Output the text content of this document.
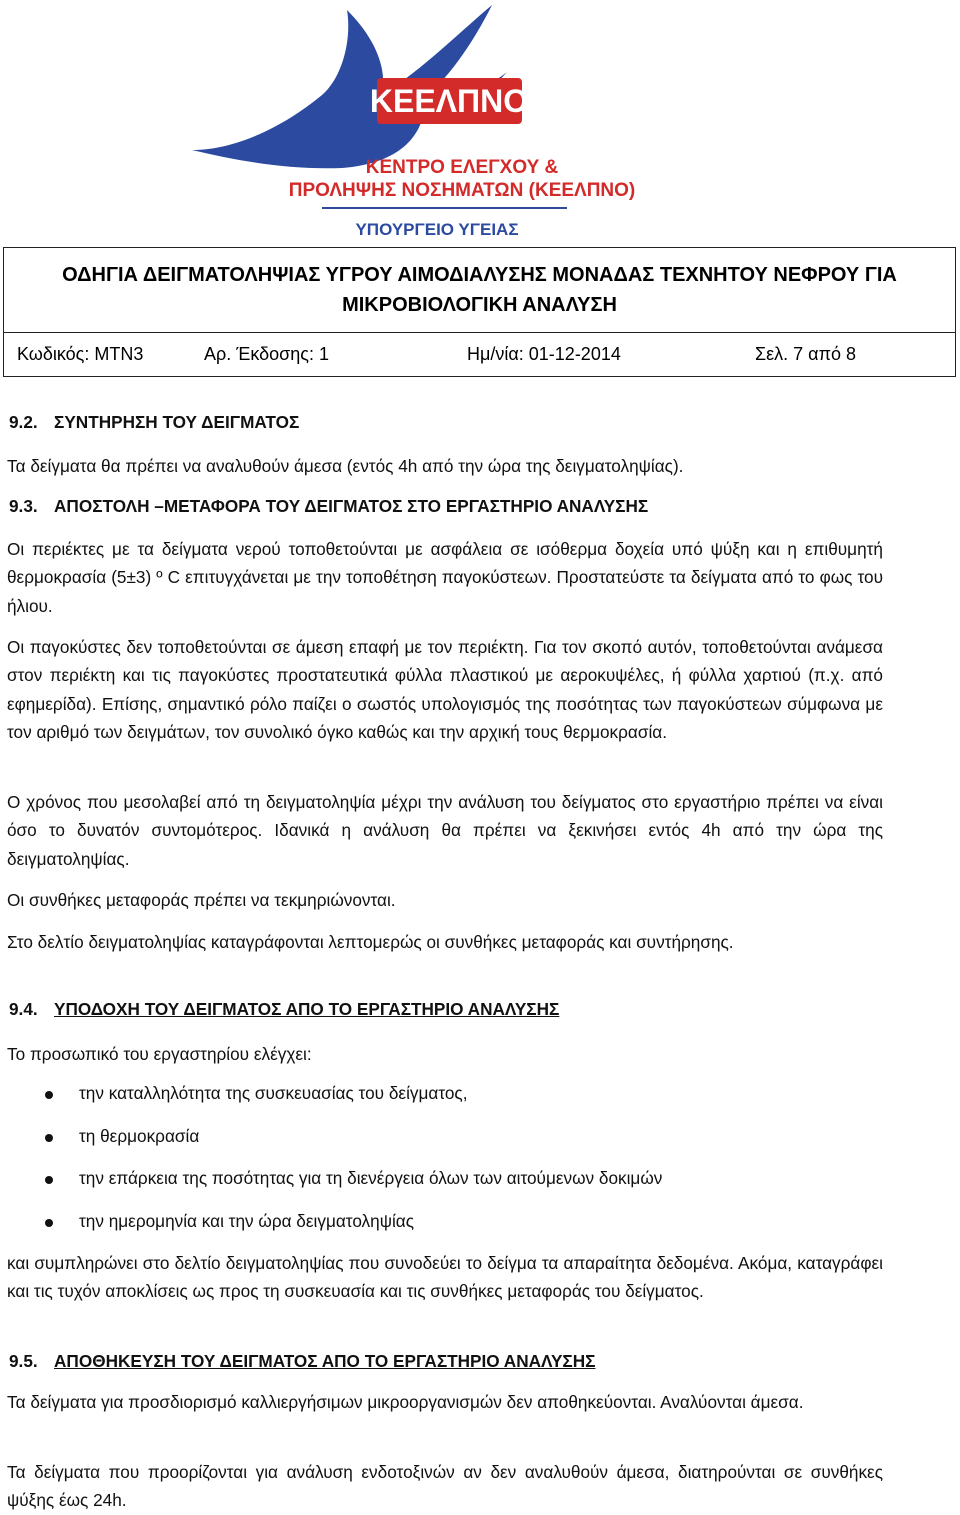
ΚΕΕΛΠΝΟ
ΚΕΝΤΡΟ ΕΛΕΓΧΟΥ &
ΠΡΟΛΗΨΗΣ ΝΟΣΗΜΑΤΩΝ (ΚΕΕΛΠΝΟ)
ΥΠΟΥΡΓΕΙΟ ΥΓΕΙΑΣ
ΟΔΗΓΙΑ ΔΕΙΓΜΑΤΟΛΗΨΙΑΣ ΥΓΡΟΥ ΑΙΜΟΔΙΑΛΥΣΗΣ ΜΟΝΑΔΑΣ ΤΕΧΝΗΤΟΥ ΝΕΦΡΟΥ ΓΙΑ
ΜΙΚΡΟΒΙΟΛΟΓΙΚΗ ΑΝΑΛΥΣΗ
Κωδικός: ΜΤΝ3	Αρ. Έκδοσης: 1	Ημ/νία: 01-12-2014	Σελ. 7 από 8
9.2. ΣΥΝΤΗΡΗΣΗ ΤΟΥ ΔΕΙΓΜΑΤΟΣ
Τα δείγματα θα πρέπει να αναλυθούν άμεσα (εντός 4h από την ώρα της δειγματοληψίας).
9.3. ΑΠΟΣΤΟΛΗ –ΜΕΤΑΦΟΡΑ ΤΟΥ ΔΕΙΓΜΑΤΟΣ ΣΤΟ ΕΡΓΑΣΤΗΡΙΟ ΑΝΑΛΥΣΗΣ
Οι περιέκτες με τα δείγματα νερού τοποθετούνται με ασφάλεια σε ισόθερμα δοχεία υπό ψύξη και η επιθυμητή θερμοκρασία (5±3) º C επιτυγχάνεται με την τοποθέτηση παγοκύστεων. Προστατεύστε τα δείγματα από το φως του ήλιου.
Οι παγοκύστες δεν τοποθετούνται σε άμεση επαφή με τον περιέκτη. Για τον σκοπό αυτόν, τοποθετούνται ανάμεσα στον περιέκτη και τις παγοκύστες προστατευτικά φύλλα πλαστικού με αεροκυψέλες, ή φύλλα χαρτιού (π.χ. από εφημερίδα). Επίσης, σημαντικό ρόλο παίζει ο σωστός υπολογισμός της ποσότητας των παγοκύστεων σύμφωνα με τον αριθμό των δειγμάτων, τον συνολικό όγκο καθώς και την αρχική τους θερμοκρασία.
Ο χρόνος που μεσολαβεί από τη δειγματοληψία μέχρι την ανάλυση του δείγματος στο εργαστήριο πρέπει να είναι όσο το δυνατόν συντομότερος. Ιδανικά η ανάλυση θα πρέπει να ξεκινήσει εντός 4h από την ώρα της δειγματοληψίας.
Οι συνθήκες μεταφοράς πρέπει να τεκμηριώνονται.
Στο δελτίο δειγματοληψίας καταγράφονται λεπτομερώς οι συνθήκες μεταφοράς και συντήρησης.
9.4. ΥΠΟΔΟΧΗ ΤΟΥ ΔΕΙΓΜΑΤΟΣ ΑΠΟ ΤΟ ΕΡΓΑΣΤΗΡΙΟ ΑΝΑΛΥΣΗΣ
Το προσωπικό του εργαστηρίου ελέγχει:
την καταλληλότητα της συσκευασίας του δείγματος,
τη θερμοκρασία
την επάρκεια της ποσότητας για τη διενέργεια όλων των αιτούμενων δοκιμών
την ημερομηνία και την ώρα δειγματοληψίας
και συμπληρώνει στο δελτίο δειγματοληψίας που συνοδεύει το δείγμα τα απαραίτητα δεδομένα. Ακόμα, καταγράφει και τις τυχόν αποκλίσεις ως προς τη συσκευασία και τις συνθήκες μεταφοράς του δείγματος.
9.5. ΑΠΟΘΗΚΕΥΣΗ ΤΟΥ ΔΕΙΓΜΑΤΟΣ ΑΠΟ ΤΟ ΕΡΓΑΣΤΗΡΙΟ ΑΝΑΛΥΣΗΣ
Τα δείγματα για προσδιορισμό καλλιεργήσιμων μικροοργανισμών δεν αποθηκεύονται. Αναλύονται άμεσα.
Τα δείγματα που προορίζονται για ανάλυση ενδοτοξινών αν δεν αναλυθούν άμεσα, διατηρούνται σε συνθήκες ψύξης έως 24h.
